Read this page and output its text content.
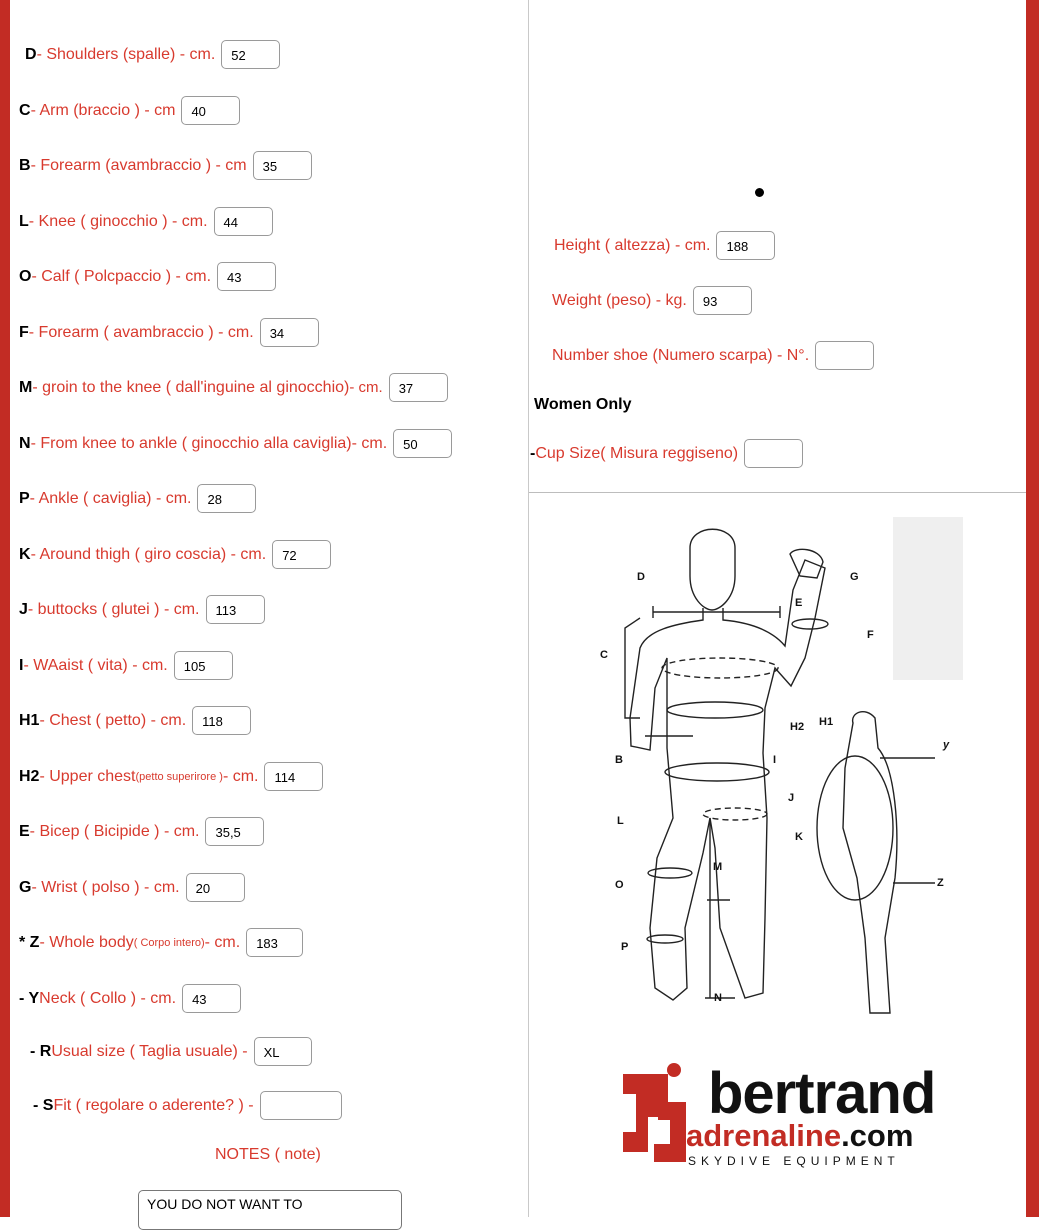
D - Shoulders (spalle) - cm.	52
C - Arm (braccio ) - cm	40
B - Forearm (avambraccio ) - cm	35
L - Knee ( ginocchio ) - cm.	44
O - Calf ( Polcpaccio ) - cm.	43
F - Forearm ( avambraccio ) - cm.	34
M - groin to the knee ( dall'inguine al ginocchio) - cm.	37
N - From knee to ankle ( ginocchio alla caviglia) - cm.	50
P - Ankle ( caviglia) - cm.	28
K - Around thigh ( giro coscia) - cm.	72
J - buttocks ( glutei ) - cm.	113
I - WAaist ( vita) - cm.	105
H1 - Chest ( petto) - cm.	118
H2 - Upper chest (petto superirore ) - cm.	114
E - Bicep ( Bicipide ) - cm.	35,5
G - Wrist ( polso ) - cm.	20
* Z - Whole body ( Corpo intero) - cm.	183
- Y Neck ( Collo ) - cm.	43
- R Usual size ( Taglia usuale) -	XL
- S Fit ( regolare o aderente? ) -
NOTES ( note)
YOU DO NOT WANT TO
Height ( altezza) - cm.	188
Weight (peso) - kg.	93
Number shoe (Numero scarpa) - N°.
Women Only
- Cup Size( Misura reggiseno)
D
C
E
G
F
H1
H2
B	I
J
K
L
M
O
P
N
y
Z
bertrand
adrenaline.com
SKYDIVE EQUIPMENT
